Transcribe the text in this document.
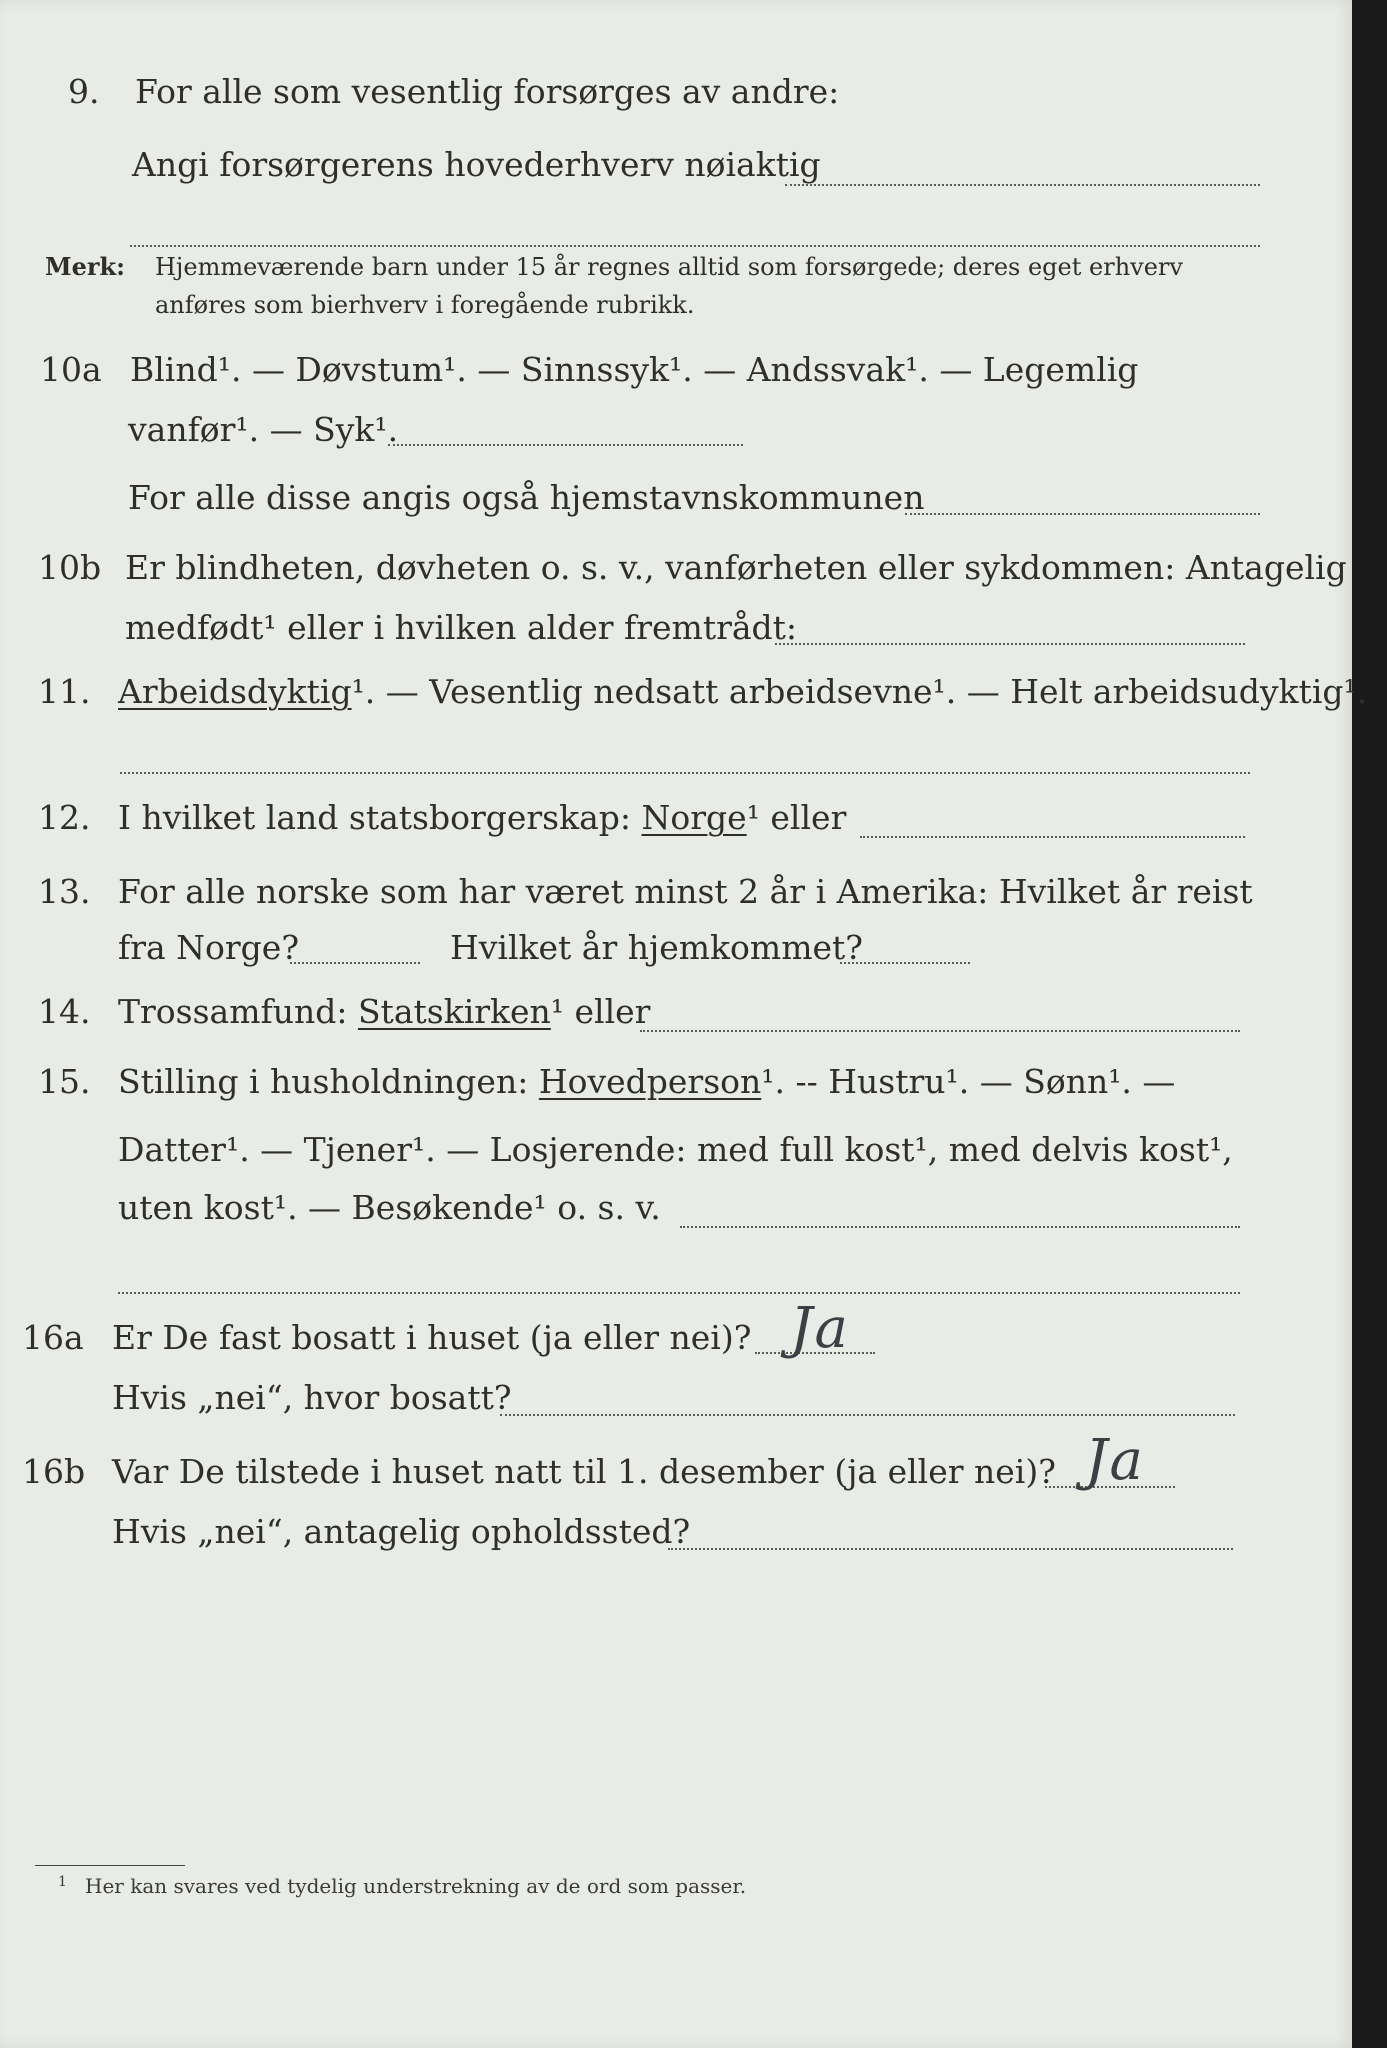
9.	For alle som vesentlig forsørges av andre:
Angi forsørgerens hovederhverv nøiaktig
Merk: Hjemmeværende barn under 15 år regnes alltid som forsørgede; deres eget erhverv
anføres som bierhverv i foregående rubrikk.
10a Blind¹. — Døvstum¹. — Sinnssyk¹. — Andssvak¹. — Legemlig
vanfør¹. — Syk¹.
For alle disse angis også hjemstavnskommunen
10b Er blindheten, døvheten o. s. v., vanførheten eller sykdommen: Antagelig
medfødt¹ eller i hvilken alder fremtrådt:
11. Arbeidsdyktig¹. — Vesentlig nedsatt arbeidsevne¹. — Helt arbeidsudyktig¹.
12. I hvilket land statsborgerskap: Norge¹ eller
13. For alle norske som har været minst 2 år i Amerika: Hvilket år reist
fra Norge?	Hvilket år hjemkommet?
14. Trossamfund: Statskirken¹ eller
15. Stilling i husholdningen: Hovedperson¹. -- Hustru¹. — Sønn¹. —
Datter¹. — Tjener¹. — Losjerende: med full kost¹, med delvis kost¹,
uten kost¹. — Besøkende¹ o. s. v.
16a Er De fast bosatt i huset (ja eller nei)? Ja
Hvis „nei“, hvor bosatt?
16b Var De tilstede i huset natt til 1. desember (ja eller nei)? Ja
Hvis „nei“, antagelig opholdssted?
1 Her kan svares ved tydelig understrekning av de ord som passer.
